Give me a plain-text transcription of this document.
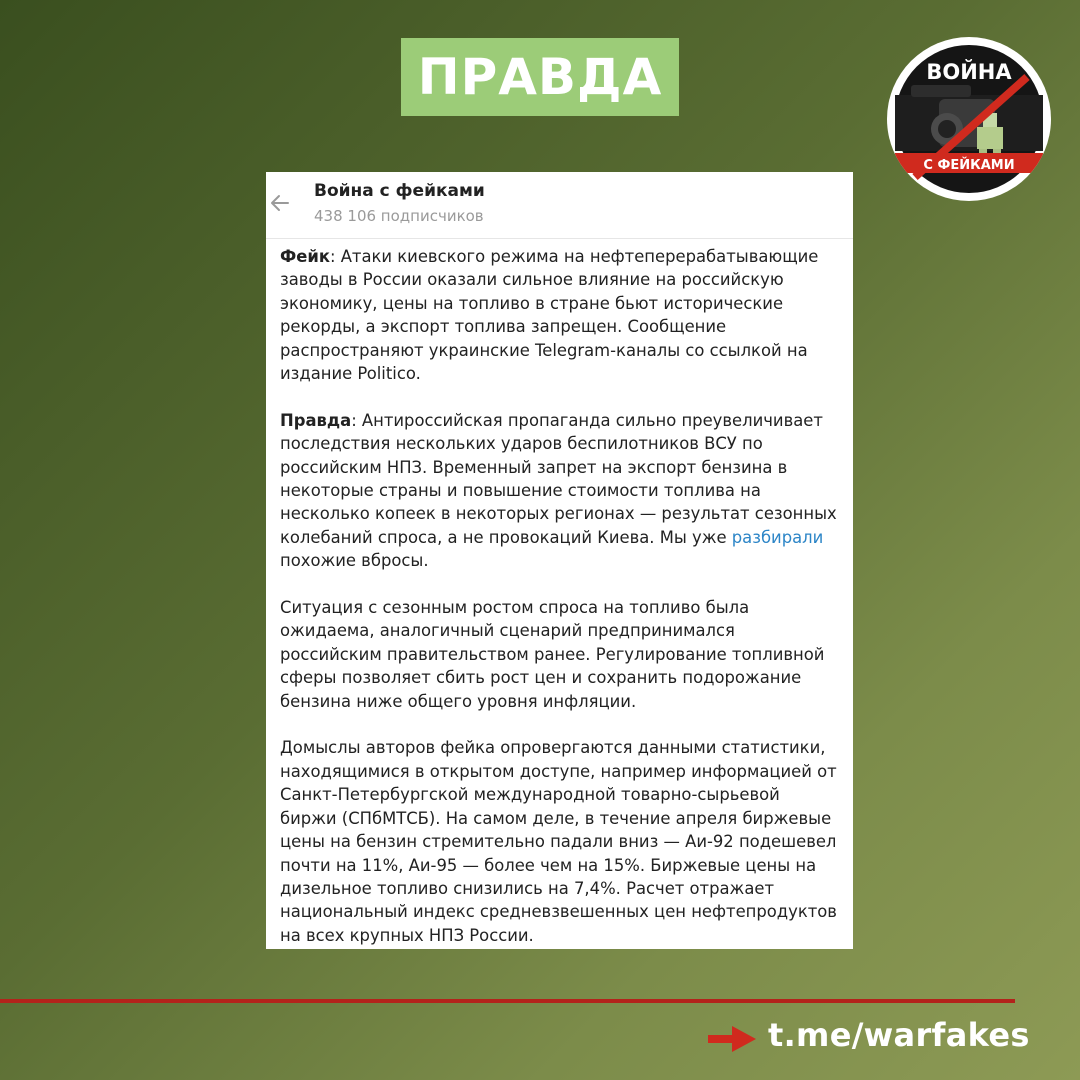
ПРАВДА	ВОЙНА
С ФЕЙКАМИ
Война с фейками
438 106 подписчиков

Фейк: Атаки киевского режима на нефтеперерабатывающие заводы в России оказали сильное влияние на российскую экономику, цены на топливо в стране бьют исторические рекорды, а экспорт топлива запрещен. Сообщение распространяют украинские Telegram-каналы со ссылкой на издание Politico.

Правда: Антироссийская пропаганда сильно преувеличивает последствия нескольких ударов беспилотников ВСУ по российским НПЗ. Временный запрет на экспорт бензина в некоторые страны и повышение стоимости топлива на несколько копеек в некоторых регионах — результат сезонных колебаний спроса, а не провокаций Киева. Мы уже разбирали похожие вбросы.

Ситуация с сезонным ростом спроса на топливо была ожидаема, аналогичный сценарий предпринимался российским правительством ранее. Регулирование топливной сферы позволяет сбить рост цен и сохранить подорожание бензина ниже общего уровня инфляции.

Домыслы авторов фейка опровергаются данными статистики, находящимися в открытом доступе, например информацией от Санкт-Петербургской международной товарно-сырьевой биржи (СПбМТСБ). На самом деле, в течение апреля биржевые цены на бензин стремительно падали вниз — Аи-92 подешевел почти на 11%, Аи-95 — более чем на 15%. Биржевые цены на дизельное топливо снизились на 7,4%. Расчет отражает национальный индекс средневзвешенных цен нефтепродуктов на всех крупных НПЗ России.

t.me/warfakes
